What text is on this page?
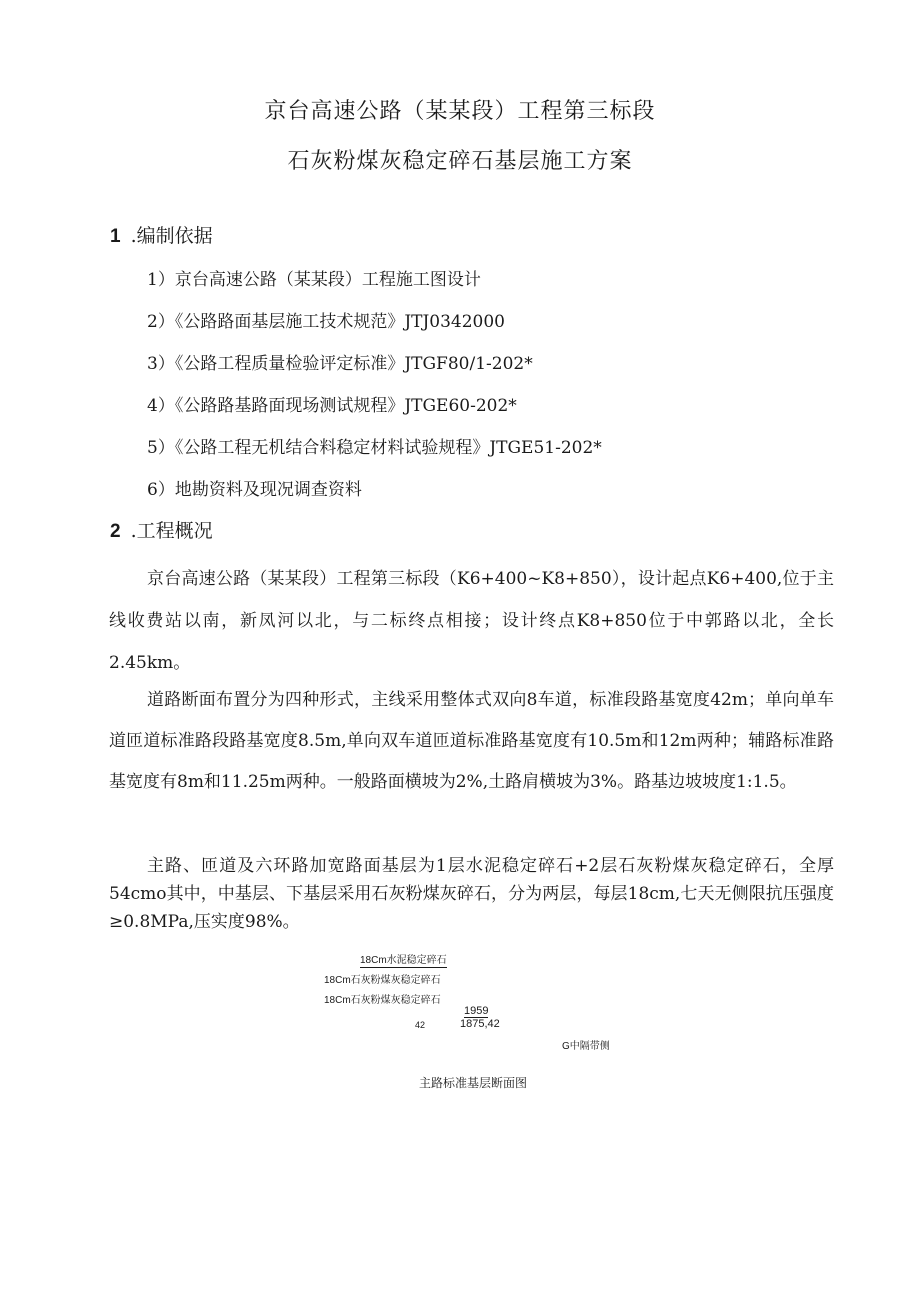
京台高速公路（某某段）工程第三标段
石灰粉煤灰稳定碎石基层施工方案
1 .编制依据
1）京台高速公路（某某段）工程施工图设计
2）《公路路面基层施工技术规范》JTJ0342000
3）《公路工程质量检验评定标准》JTGF80/1-202*
4）《公路路基路面现场测试规程》JTGE60-202*
5）《公路工程无机结合料稳定材料试验规程》JTGE51-202*
6）地勘资料及现况调查资料
2 .工程概况
京台高速公路（某某段）工程第三标段（K6+400~K8+850），设计起点K6+400,位于主线收费站以南，新凤河以北，与二标终点相接；设计终点K8+850位于中郭路以北，全长2.45km。
道路断面布置分为四种形式，主线采用整体式双向8车道，标准段路基宽度42m；单向单车道匝道标准路段路基宽度8.5m,单向双车道匝道标准路基宽度有10.5m和12m两种；辅路标准路基宽度有8m和11.25m两种。一般路面横坡为2%,土路肩横坡为3%。路基边坡坡度1:1.5。
主路、匝道及六环路加宽路面基层为1层水泥稳定碎石+2层石灰粉煤灰稳定碎石，全厚54cmo其中，中基层、下基层采用石灰粉煤灰碎石，分为两层，每层18cm,七天无侧限抗压强度≥0.8MPa,压实度98%。
18Cm水泥稳定碎石
18Cm石灰粉煤灰稳定碎石
18Cm石灰粉煤灰稳定碎石
1959
42	1875,42
G中隔带侧
主路标准基层断面图
